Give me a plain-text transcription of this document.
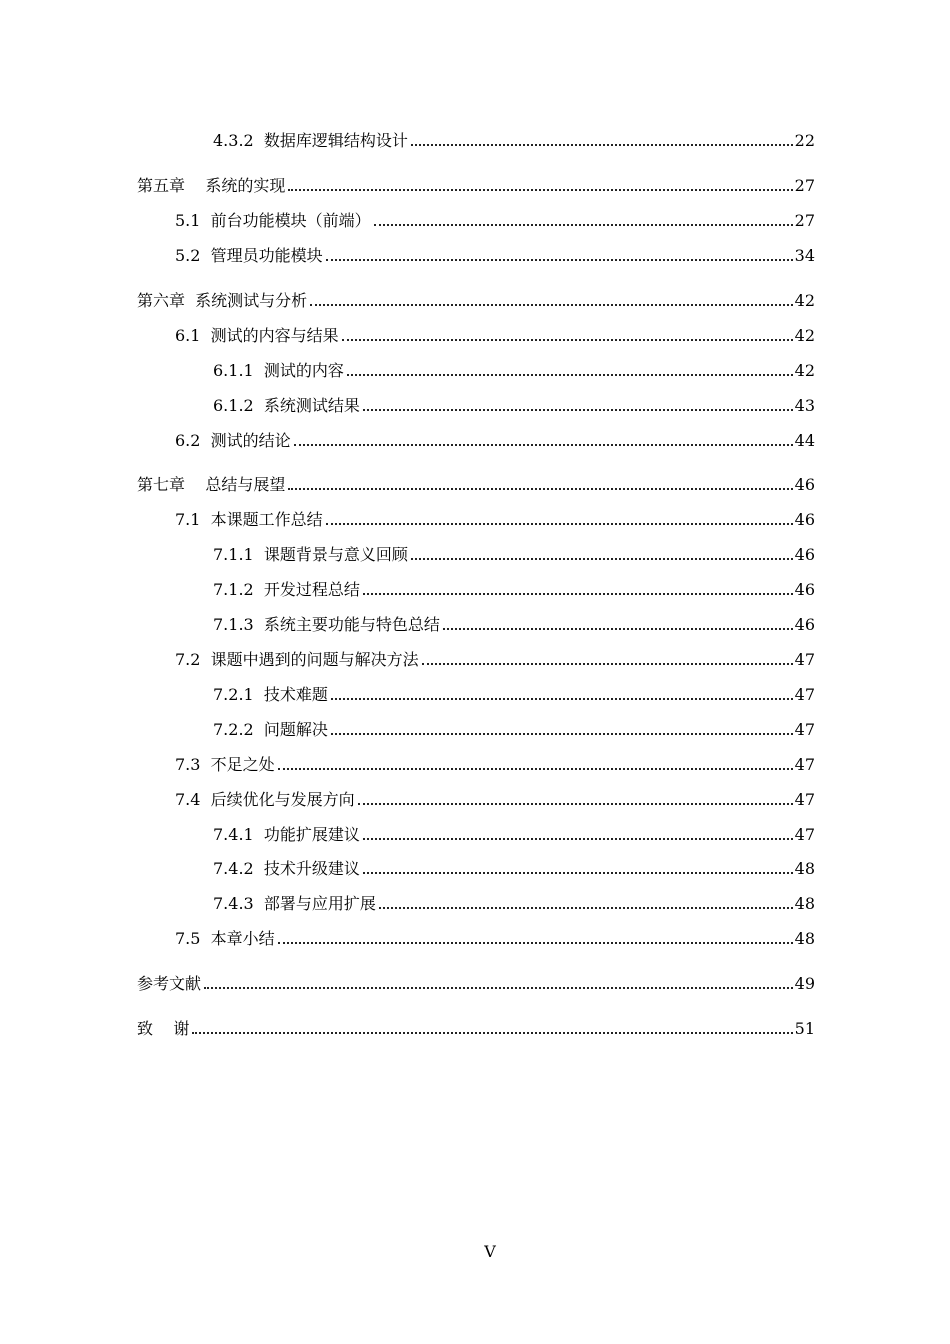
4.3.2  数据库逻辑结构设计	22
第五章    系统的实现	27
5.1  前台功能模块（前端）	27
5.2  管理员功能模块	34
第六章  系统测试与分析	42
6.1  测试的内容与结果	42
6.1.1  测试的内容	42
6.1.2  系统测试结果	43
6.2  测试的结论	44
第七章    总结与展望	46
7.1  本课题工作总结	46
7.1.1  课题背景与意义回顾	46
7.1.2  开发过程总结	46
7.1.3  系统主要功能与特色总结	46
7.2  课题中遇到的问题与解决方法	47
7.2.1  技术难题	47
7.2.2  问题解决	47
7.3  不足之处	47
7.4  后续优化与发展方向	47
7.4.1  功能扩展建议	47
7.4.2  技术升级建议	48
7.4.3  部署与应用扩展	48
7.5  本章小结	48
参考文献	49
致    谢	51
V
